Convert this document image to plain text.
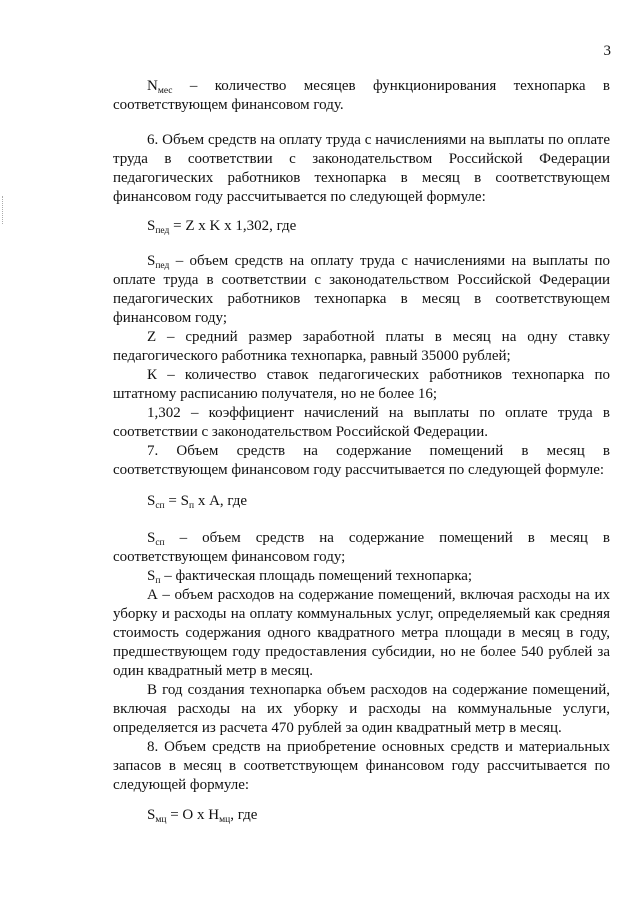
3

$N_{мес}$ – количество месяцев функционирования технопарка в соответствующем финансовом году.

6. Объем средств на оплату труда с начислениями на выплаты по оплате труда в соответствии с законодательством Российской Федерации педагогических работников технопарка в месяц в соответствующем финансовом году рассчитывается по следующей формуле:

$S_{пед} = Z$ х K х 1,302, где

$S_{пед}$ – объем средств на оплату труда с начислениями на выплаты по оплате труда в соответствии с законодательством Российской Федерации педагогических работников технопарка в месяц в соответствующем финансовом году;

Z – средний размер заработной платы в месяц на одну ставку педагогического работника технопарка, равный 35000 рублей;

К – количество ставок педагогических работников технопарка по штатному расписанию получателя, но не более 16;

1,302 – коэффициент начислений на выплаты по оплате труда в соответствии с законодательством Российской Федерации.

7. Объем средств на содержание помещений в месяц в соответствующем финансовом году рассчитывается по следующей формуле:

$S_{сп} = S_п$ х А, где

$S_{сп}$ – объем средств на содержание помещений в месяц в соответствующем финансовом году;

$S_п$ – фактическая площадь помещений технопарка;

А – объем расходов на содержание помещений, включая расходы на их уборку и расходы на оплату коммунальных услуг, определяемый как средняя стоимость содержания одного квадратного метра площади в месяц в году, предшествующем году предоставления субсидии, но не более 540 рублей за один квадратный метр в месяц.

В год создания технопарка объем расходов на содержание помещений, включая расходы на их уборку и расходы на коммунальные услуги, определяется из расчета 470 рублей за один квадратный метр в месяц.

8. Объем средств на приобретение основных средств и материальных запасов в месяц в соответствующем финансовом году рассчитывается по следующей формуле:

$S_{мц} = O$ х $H_{мц}$, где
